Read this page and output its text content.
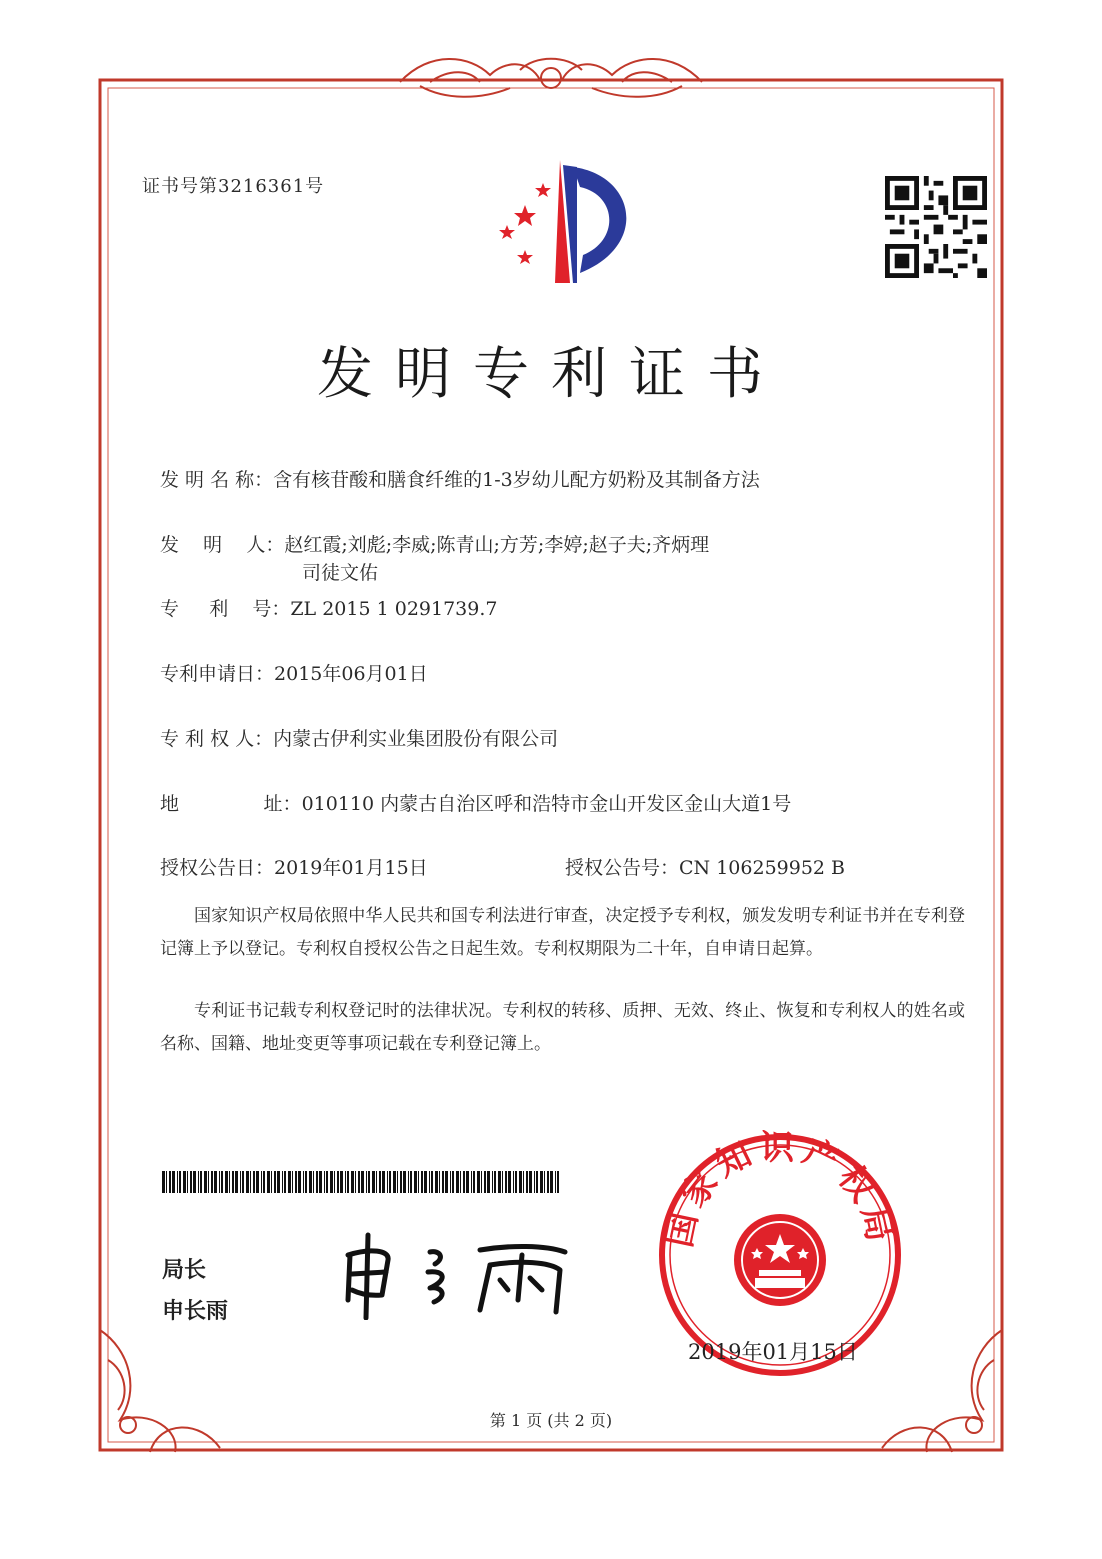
证书号第3216361号
发明专利证书
发 明 名 称：含有核苷酸和膳食纤维的1-3岁幼儿配方奶粉及其制备方法
发    明    人：赵红霞;刘彪;李威;陈青山;方芳;李婷;赵子夫;齐炳理
司徒文佑
专     利    号：ZL 2015 1 0291739.7
专利申请日：2015年06月01日
专 利 权 人：内蒙古伊利实业集团股份有限公司
地              址：010110 内蒙古自治区呼和浩特市金山开发区金山大道1号
授权公告日：2019年01月15日	授权公告号：CN 106259952 B
国家知识产权局依照中华人民共和国专利法进行审查，决定授予专利权，颁发发明专利证书并在专利登记簿上予以登记。专利权自授权公告之日起生效。专利权期限为二十年，自申请日起算。
专利证书记载专利权登记时的法律状况。专利权的转移、质押、无效、终止、恢复和专利权人的姓名或名称、国籍、地址变更等事项记载在专利登记簿上。
局长
申长雨
国家知识产权局
2019年01月15日
第 1 页 (共 2 页)
